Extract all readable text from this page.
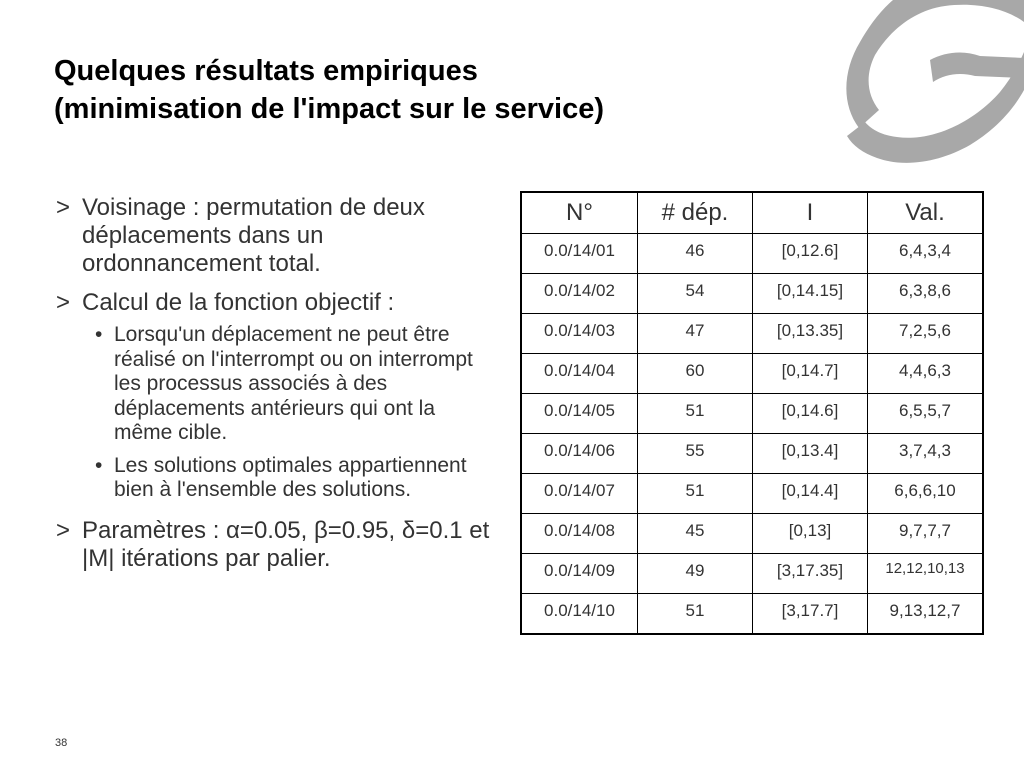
Quelques résultats empiriques
(minimisation de l'impact sur le service)
> Voisinage : permutation de deux déplacements dans un ordonnancement total.
> Calcul de la fonction objectif :
• Lorsqu'un déplacement ne peut être réalisé on l'interrompt ou on interrompt les processus associés à des déplacements antérieurs qui ont la même cible.
• Les solutions optimales appartiennent bien à l'ensemble des solutions.
> Paramètres : α=0.05, β=0.95, δ=0.1 et |M| itérations par palier.
N°	# dép.	I	Val.
0.0/14/01	46	[0,12.6]	6,4,3,4
0.0/14/02	54	[0,14.15]	6,3,8,6
0.0/14/03	47	[0,13.35]	7,2,5,6
0.0/14/04	60	[0,14.7]	4,4,6,3
0.0/14/05	51	[0,14.6]	6,5,5,7
0.0/14/06	55	[0,13.4]	3,7,4,3
0.0/14/07	51	[0,14.4]	6,6,6,10
0.0/14/08	45	[0,13]	9,7,7,7
0.0/14/09	49	[3,17.35]	12,12,10,13
0.0/14/10	51	[3,17.7]	9,13,12,7
38
